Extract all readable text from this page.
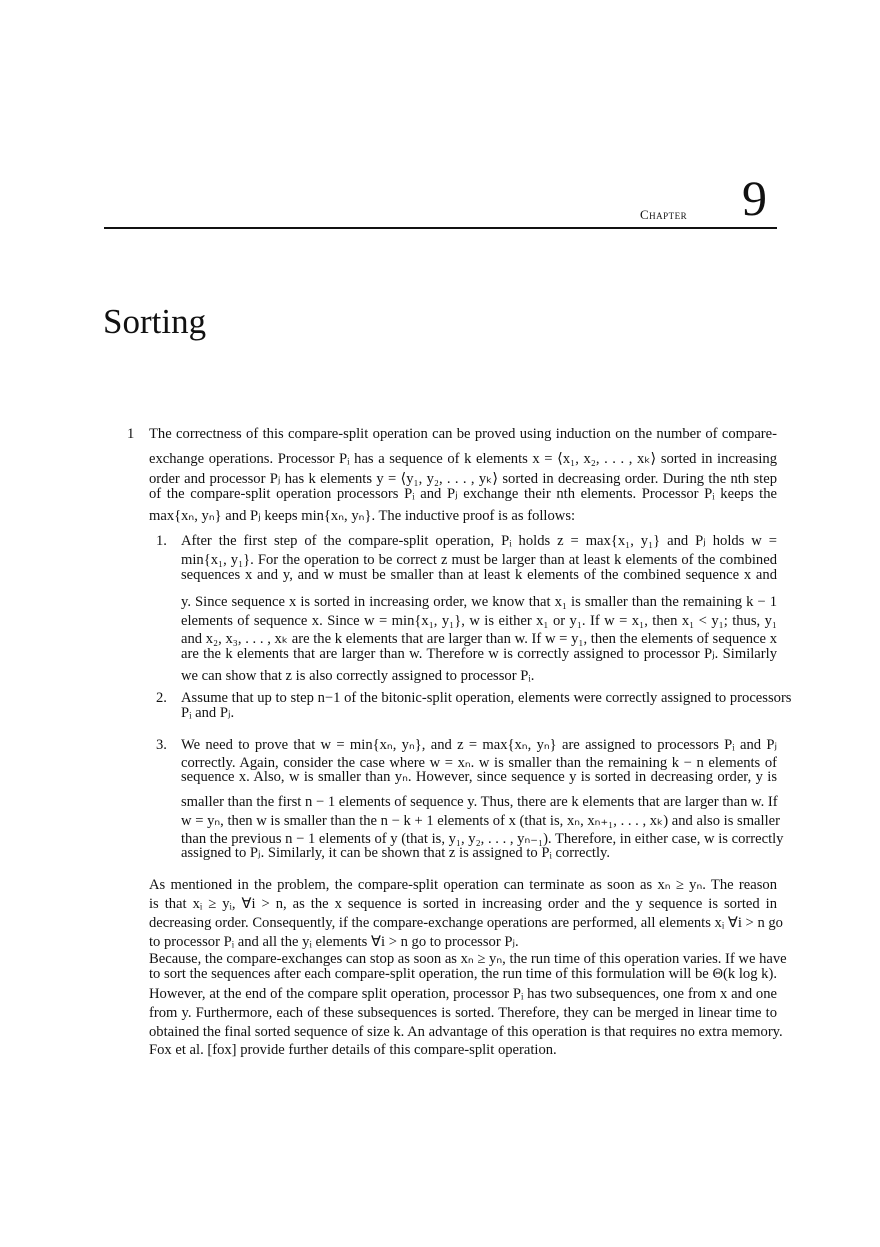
Chapter 9
Sorting
1 The correctness of this compare-split operation can be proved using induction on the number of compare-
exchange operations. Processor Pᵢ has a sequence of k elements x = ⟨x₁, x₂, . . . , xₖ⟩ sorted in increasing
order and processor Pⱼ has k elements y = ⟨y₁, y₂, . . . , yₖ⟩ sorted in decreasing order. During the nth step
of the compare-split operation processors Pᵢ and Pⱼ exchange their nth elements. Processor Pᵢ keeps the
max{xₙ, yₙ} and Pⱼ keeps min{xₙ, yₙ}. The inductive proof is as follows:
1. After the first step of the compare-split operation, Pᵢ holds z = max{x₁, y₁} and Pⱼ holds w =
min{x₁, y₁}. For the operation to be correct z must be larger than at least k elements of the combined
sequences x and y, and w must be smaller than at least k elements of the combined sequence x and
y. Since sequence x is sorted in increasing order, we know that x₁ is smaller than the remaining k − 1
elements of sequence x. Since w = min{x₁, y₁}, w is either x₁ or y₁. If w = x₁, then x₁ < y₁; thus, y₁
and x₂, x₃, . . . , xₖ are the k elements that are larger than w. If w = y₁, then the elements of sequence x
are the k elements that are larger than w. Therefore w is correctly assigned to processor Pⱼ. Similarly
we can show that z is also correctly assigned to processor Pᵢ.
2. Assume that up to step n−1 of the bitonic-split operation, elements were correctly assigned to processors
Pᵢ and Pⱼ.
3. We need to prove that w = min{xₙ, yₙ}, and z = max{xₙ, yₙ} are assigned to processors Pᵢ and Pⱼ
correctly. Again, consider the case where w = xₙ. w is smaller than the remaining k − n elements of
sequence x. Also, w is smaller than yₙ. However, since sequence y is sorted in decreasing order, y is
smaller than the first n − 1 elements of sequence y. Thus, there are k elements that are larger than w. If
w = yₙ, then w is smaller than the n − k + 1 elements of x (that is, xₙ, xₙ₊₁, . . . , xₖ) and also is smaller
than the previous n − 1 elements of y (that is, y₁, y₂, . . . , yₙ₋₁). Therefore, in either case, w is correctly
assigned to Pⱼ. Similarly, it can be shown that z is assigned to Pᵢ correctly.
As mentioned in the problem, the compare-split operation can terminate as soon as xₙ ≥ yₙ. The reason
is that xᵢ ≥ yᵢ, ∀i > n, as the x sequence is sorted in increasing order and the y sequence is sorted in
decreasing order. Consequently, if the compare-exchange operations are performed, all elements xᵢ ∀i > n go
to processor Pᵢ and all the yᵢ elements ∀i > n go to processor Pⱼ.
Because, the compare-exchanges can stop as soon as xₙ ≥ yₙ, the run time of this operation varies. If we have
to sort the sequences after each compare-split operation, the run time of this formulation will be Θ(k log k).
However, at the end of the compare split operation, processor Pᵢ has two subsequences, one from x and one
from y. Furthermore, each of these subsequences is sorted. Therefore, they can be merged in linear time to
obtained the final sorted sequence of size k. An advantage of this operation is that requires no extra memory.
Fox et al. [fox] provide further details of this compare-split operation.
